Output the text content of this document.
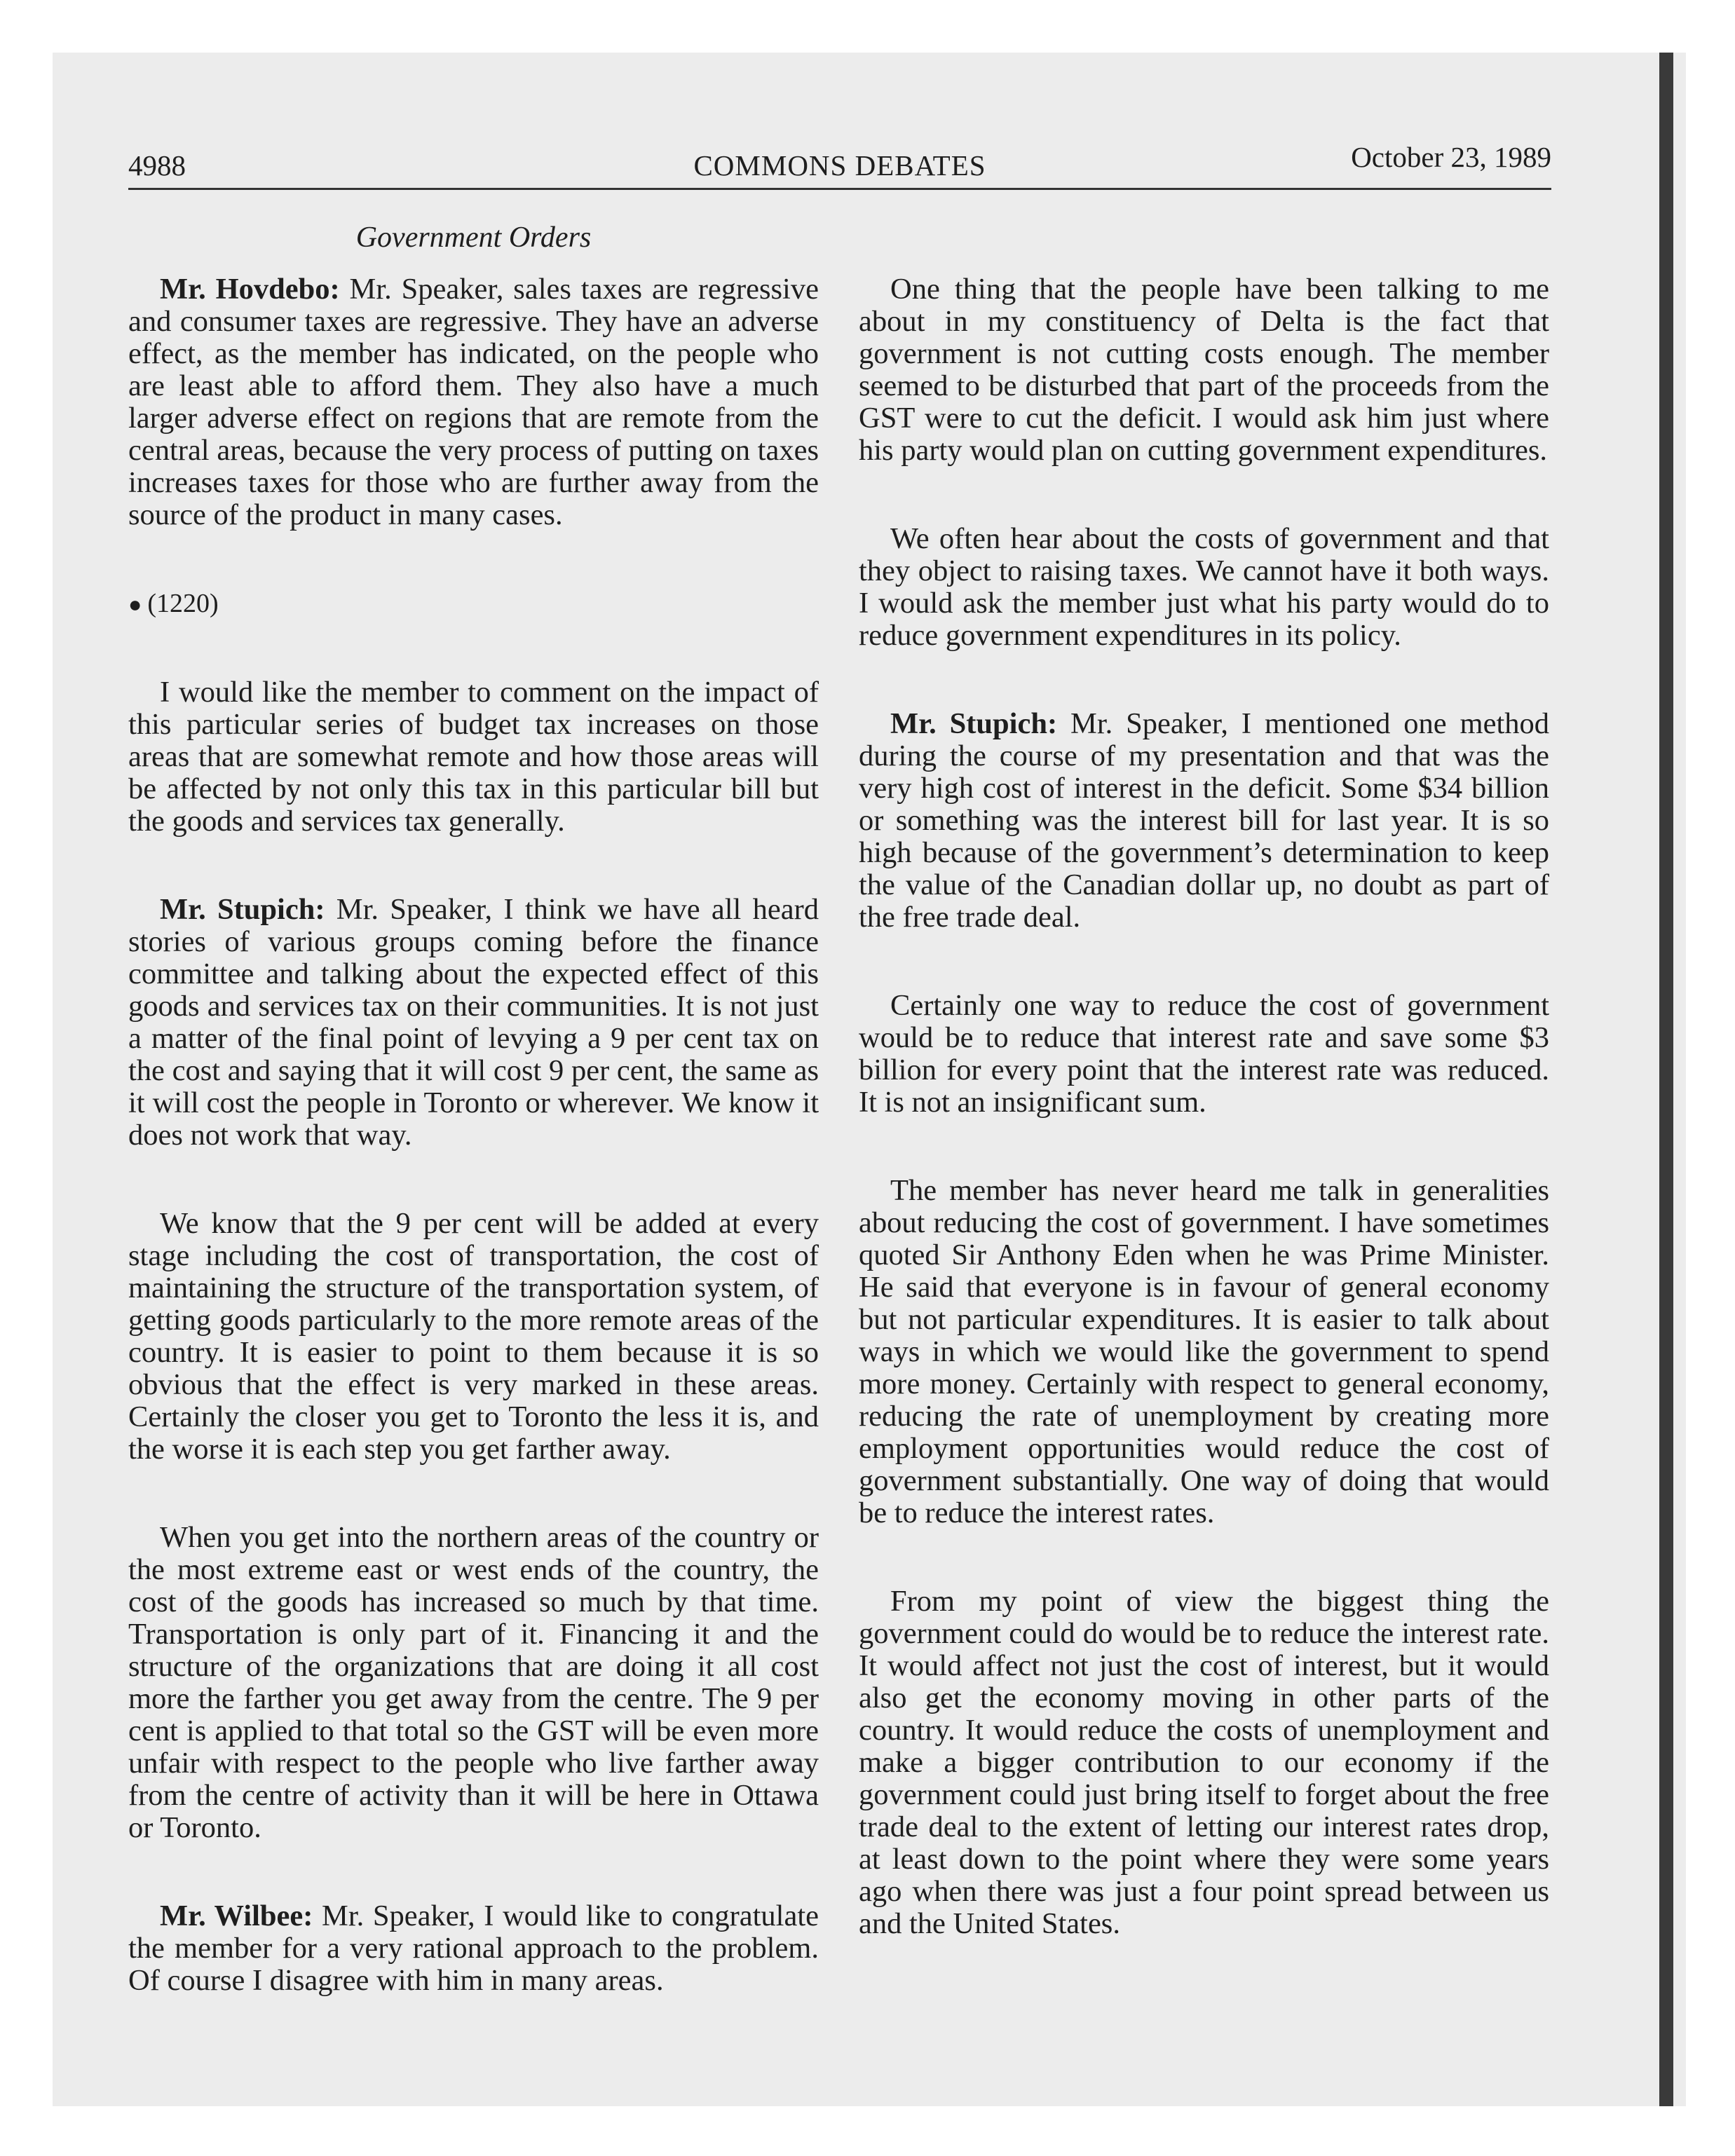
4988	COMMONS DEBATES	October 23, 1989
Government Orders

Mr. Hovdebo: Mr. Speaker, sales taxes are regressive and consumer taxes are regressive. They have an adverse effect, as the member has indicated, on the people who are least able to afford them. They also have a much larger adverse effect on regions that are remote from the central areas, because the very process of putting on taxes increases taxes for those who are further away from the source of the product in many cases.

● (1220)

I would like the member to comment on the impact of this particular series of budget tax increases on those areas that are somewhat remote and how those areas will be affected by not only this tax in this particular bill but the goods and services tax generally.

Mr. Stupich: Mr. Speaker, I think we have all heard stories of various groups coming before the finance committee and talking about the expected effect of this goods and services tax on their communities. It is not just a matter of the final point of levying a 9 per cent tax on the cost and saying that it will cost 9 per cent, the same as it will cost the people in Toronto or wherever. We know it does not work that way.

We know that the 9 per cent will be added at every stage including the cost of transportation, the cost of maintaining the structure of the transportation system, of getting goods particularly to the more remote areas of the country. It is easier to point to them because it is so obvious that the effect is very marked in these areas. Certainly the closer you get to Toronto the less it is, and the worse it is each step you get farther away.

When you get into the northern areas of the country or the most extreme east or west ends of the country, the cost of the goods has increased so much by that time. Transportation is only part of it. Financing it and the structure of the organizations that are doing it all cost more the farther you get away from the centre. The 9 per cent is applied to that total so the GST will be even more unfair with respect to the people who live farther away from the centre of activity than it will be here in Ottawa or Toronto.

Mr. Wilbee: Mr. Speaker, I would like to congratulate the member for a very rational approach to the problem. Of course I disagree with him in many areas.

One thing that the people have been talking to me about in my constituency of Delta is the fact that government is not cutting costs enough. The member seemed to be disturbed that part of the proceeds from the GST were to cut the deficit. I would ask him just where his party would plan on cutting government expenditures.

We often hear about the costs of government and that they object to raising taxes. We cannot have it both ways. I would ask the member just what his party would do to reduce government expenditures in its policy.

Mr. Stupich: Mr. Speaker, I mentioned one method during the course of my presentation and that was the very high cost of interest in the deficit. Some $34 billion or something was the interest bill for last year. It is so high because of the government’s determination to keep the value of the Canadian dollar up, no doubt as part of the free trade deal.

Certainly one way to reduce the cost of government would be to reduce that interest rate and save some $3 billion for every point that the interest rate was reduced. It is not an insignificant sum.

The member has never heard me talk in generalities about reducing the cost of government. I have sometimes quoted Sir Anthony Eden when he was Prime Minister. He said that everyone is in favour of general economy but not particular expenditures. It is easier to talk about ways in which we would like the government to spend more money. Certainly with respect to general economy, reducing the rate of unemployment by creating more employment opportunities would reduce the cost of government substantially. One way of doing that would be to reduce the interest rates.

From my point of view the biggest thing the government could do would be to reduce the interest rate. It would affect not just the cost of interest, but it would also get the economy moving in other parts of the country. It would reduce the costs of unemployment and make a bigger contribution to our economy if the government could just bring itself to forget about the free trade deal to the extent of letting our interest rates drop, at least down to the point where they were some years ago when there was just a four point spread between us and the United States.
